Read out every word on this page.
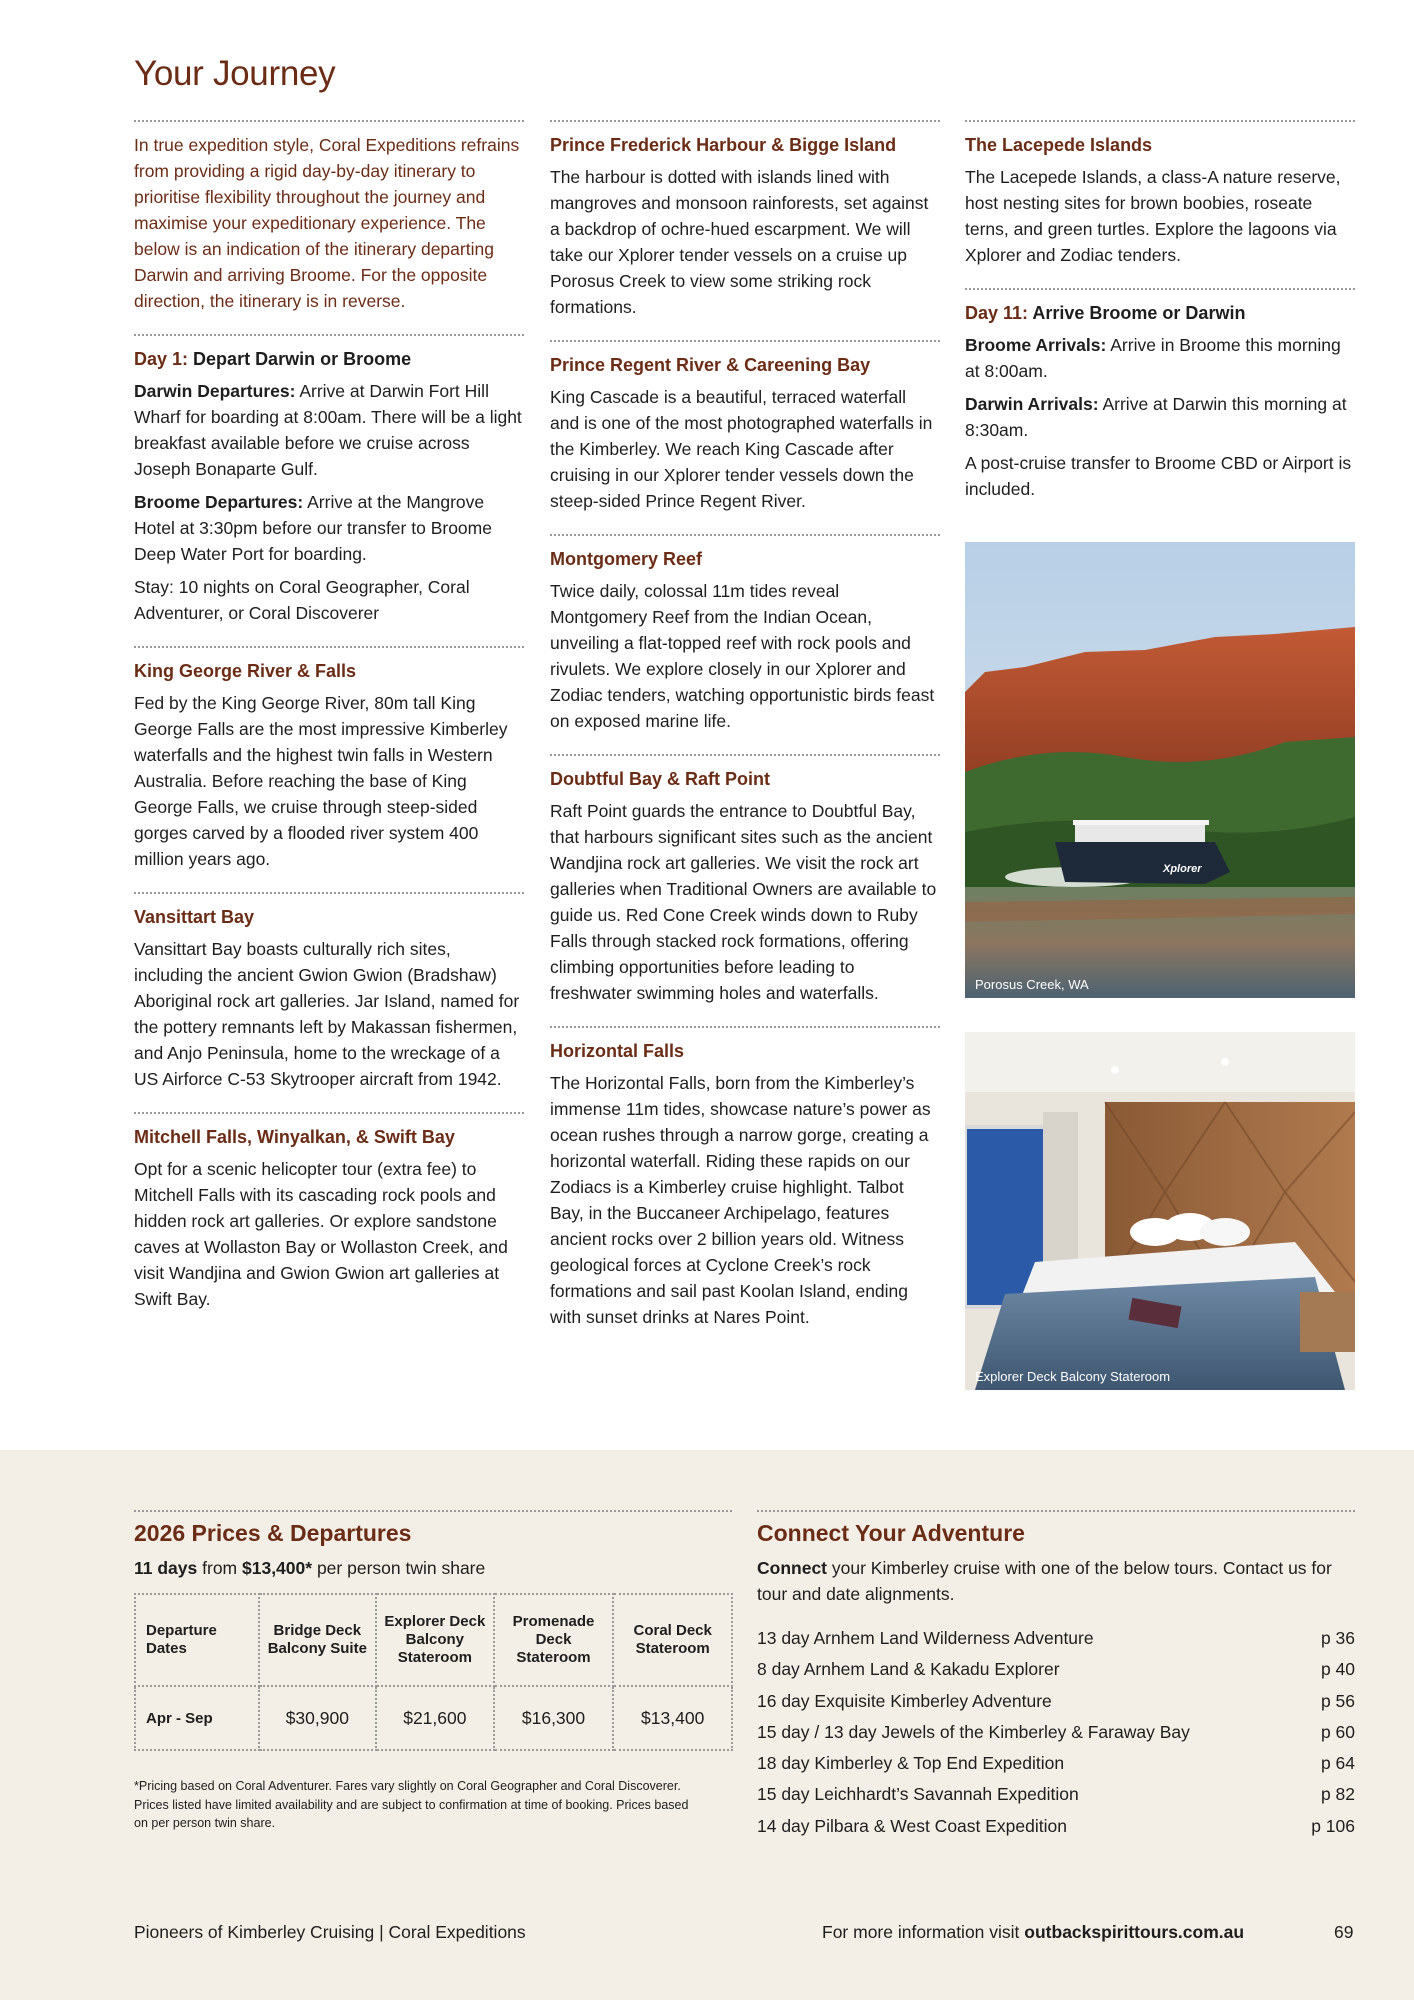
Your Journey

In true expedition style, Coral Expeditions refrains from providing a rigid day-by-day itinerary to prioritise flexibility throughout the journey and maximise your expeditionary experience. The below is an indication of the itinerary departing Darwin and arriving Broome. For the opposite direction, the itinerary is in reverse.

Day 1: Depart Darwin or Broome

Darwin Departures: Arrive at Darwin Fort Hill Wharf for boarding at 8:00am. There will be a light breakfast available before we cruise across Joseph Bonaparte Gulf.

Broome Departures: Arrive at the Mangrove Hotel at 3:30pm before our transfer to Broome Deep Water Port for boarding.

Stay: 10 nights on Coral Geographer, Coral Adventurer, or Coral Discoverer

King George River & Falls

Fed by the King George River, 80m tall King George Falls are the most impressive Kimberley waterfalls and the highest twin falls in Western Australia. Before reaching the base of King George Falls, we cruise through steep-sided gorges carved by a flooded river system 400 million years ago.

Vansittart Bay

Vansittart Bay boasts culturally rich sites, including the ancient Gwion Gwion (Bradshaw) Aboriginal rock art galleries. Jar Island, named for the pottery remnants left by Makassan fishermen, and Anjo Peninsula, home to the wreckage of a US Airforce C-53 Skytrooper aircraft from 1942.

Mitchell Falls, Winyalkan, & Swift Bay

Opt for a scenic helicopter tour (extra fee) to Mitchell Falls with its cascading rock pools and hidden rock art galleries. Or explore sandstone caves at Wollaston Bay or Wollaston Creek, and visit Wandjina and Gwion Gwion art galleries at Swift Bay.

Prince Frederick Harbour & Bigge Island

The harbour is dotted with islands lined with mangroves and monsoon rainforests, set against a backdrop of ochre-hued escarpment. We will take our Xplorer tender vessels on a cruise up Porosus Creek to view some striking rock formations.

Prince Regent River & Careening Bay

King Cascade is a beautiful, terraced waterfall and is one of the most photographed waterfalls in the Kimberley. We reach King Cascade after cruising in our Xplorer tender vessels down the steep-sided Prince Regent River.

Montgomery Reef

Twice daily, colossal 11m tides reveal Montgomery Reef from the Indian Ocean, unveiling a flat-topped reef with rock pools and rivulets. We explore closely in our Xplorer and Zodiac tenders, watching opportunistic birds feast on exposed marine life.

Doubtful Bay & Raft Point

Raft Point guards the entrance to Doubtful Bay, that harbours significant sites such as the ancient Wandjina rock art galleries. We visit the rock art galleries when Traditional Owners are available to guide us. Red Cone Creek winds down to Ruby Falls through stacked rock formations, offering climbing opportunities before leading to freshwater swimming holes and waterfalls.

Horizontal Falls

The Horizontal Falls, born from the Kimberley’s immense 11m tides, showcase nature’s power as ocean rushes through a narrow gorge, creating a horizontal waterfall. Riding these rapids on our Zodiacs is a Kimberley cruise highlight. Talbot Bay, in the Buccaneer Archipelago, features ancient rocks over 2 billion years old. Witness geological forces at Cyclone Creek’s rock formations and sail past Koolan Island, ending with sunset drinks at Nares Point.

The Lacepede Islands

The Lacepede Islands, a class-A nature reserve, host nesting sites for brown boobies, roseate terns, and green turtles. Explore the lagoons via Xplorer and Zodiac tenders.

Day 11: Arrive Broome or Darwin

Broome Arrivals: Arrive in Broome this morning at 8:00am.

Darwin Arrivals: Arrive at Darwin this morning at 8:30am.

A post-cruise transfer to Broome CBD or Airport is included.

Xplorer
Porosus Creek, WA
Explorer Deck Balcony Stateroom
2026 Prices & Departures
11 days from $13,400* per person twin share
Departure Dates	Bridge Deck Balcony Suite	Explorer Deck Balcony Stateroom	Promenade Deck Stateroom	Coral Deck Stateroom
Apr - Sep	$30,900	$21,600	$16,300	$13,400

*Pricing based on Coral Adventurer. Fares vary slightly on Coral Geographer and Coral Discoverer. Prices listed have limited availability and are subject to confirmation at time of booking. Prices based on per person twin share.

Connect Your Adventure
Connect your Kimberley cruise with one of the below tours. Contact us for tour and date alignments.
13 day Arnhem Land Wilderness Adventure	p 36
8 day Arnhem Land & Kakadu Explorer	p 40
16 day Exquisite Kimberley Adventure	p 56
15 day / 13 day Jewels of the Kimberley & Faraway Bay	p 60
18 day Kimberley & Top End Expedition	p 64
15 day Leichhardt’s Savannah Expedition	p 82
14 day Pilbara & West Coast Expedition	p 106
Pioneers of Kimberley Cruising | Coral Expeditions	For more information visit outbackspirittours.com.au	69
